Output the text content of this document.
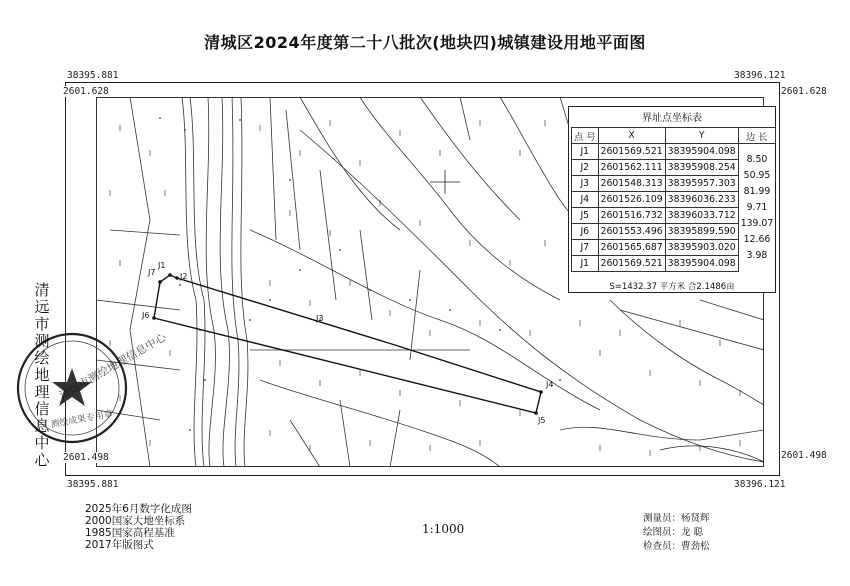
清城区2024年度第二十八批次(地块四)城镇建设用地平面图
J1
J2
J3
J4
J5
J6
J7
38395.881	38396.121
2601.628	2601.628
2601.498
2601.498
38395.881	38396.121
界址点坐标表
点 号	X	Y	边 长
J1	2601569.521	38395904.098	
J2	2601562.111	38395908.254	8.50
J3	2601548.313	38395957.303	50.95
J4	2601526.109	38396036.233	81.99
J5	2601516.732	38396033.712	9.71
J6	2601553.496	38395899.590	139.07
J7	2601565.687	38395903.020	12.66
J1	2601569.521	38395904.098	3.98
S=1432.37 平方米 合2.1486亩
清远市测绘地理信息中心
测绘成果专用章
清远市测绘地理信息中心
2025年6月数字化成图
2000国家大地坐标系
1985国家高程基准
2017年版图式
1:1000
测量员：杨贤辉
绘图员：龙 聪
检查员：曹劲松
